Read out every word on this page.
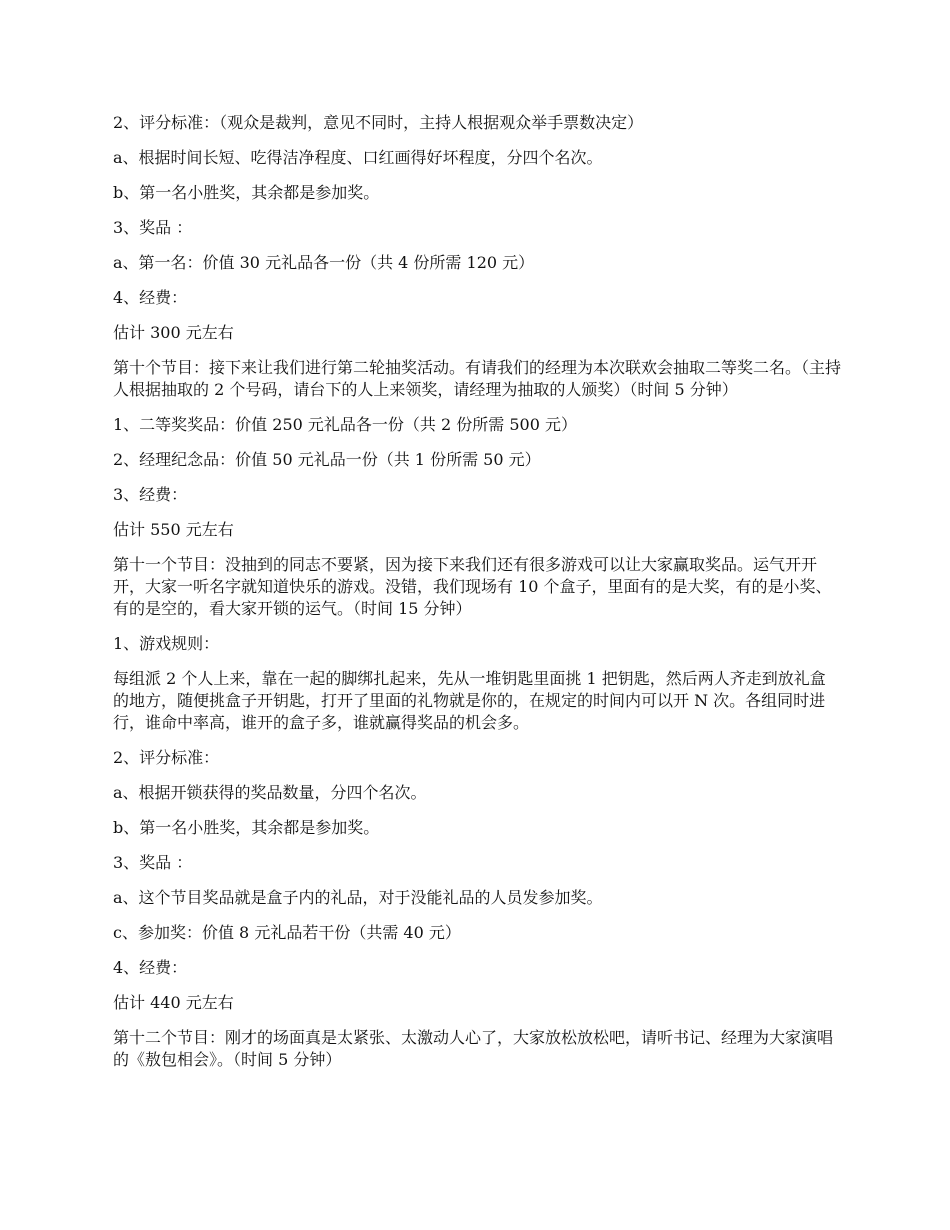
2、评分标准：（观众是裁判，意见不同时，主持人根据观众举手票数决定）

a、根据时间长短、吃得洁净程度、口红画得好坏程度，分四个名次。

b、第一名小胜奖，其余都是参加奖。

3、奖品 ：

a、第一名：价值 30 元礼品各一份（共 4 份所需 120 元）

4、经费：

估计 300 元左右

第十个节目：接下来让我们进行第二轮抽奖活动。有请我们的经理为本次联欢会抽取二等奖二名。（主持人根据抽取的 2 个号码，请台下的人上来领奖，请经理为抽取的人颁奖）（时间 5 分钟）

1、二等奖奖品：价值 250 元礼品各一份（共 2 份所需 500 元）

2、经理纪念品：价值 50 元礼品一份（共 1 份所需 50 元）

3、经费：

估计 550 元左右

第十一个节目：没抽到的同志不要紧，因为接下来我们还有很多游戏可以让大家赢取奖品。运气开开开，大家一听名字就知道快乐的游戏。没错，我们现场有 10 个盒子，里面有的是大奖，有的是小奖、有的是空的，看大家开锁的运气。（时间 15 分钟）

1、游戏规则：

每组派 2 个人上来，靠在一起的脚绑扎起来，先从一堆钥匙里面挑 1 把钥匙，然后两人齐走到放礼盒的地方，随便挑盒子开钥匙，打开了里面的礼物就是你的，在规定的时间内可以开 N 次。各组同时进行，谁命中率高，谁开的盒子多，谁就赢得奖品的机会多。

2、评分标准：

a、根据开锁获得的奖品数量，分四个名次。

b、第一名小胜奖，其余都是参加奖。

3、奖品 ：

a、这个节目奖品就是盒子内的礼品，对于没能礼品的人员发参加奖。

c、参加奖：价值 8 元礼品若干份（共需 40 元）

4、经费：

估计 440 元左右

第十二个节目：刚才的场面真是太紧张、太激动人心了，大家放松放松吧，请听书记、经理为大家演唱的《敖包相会》。（时间 5 分钟）
